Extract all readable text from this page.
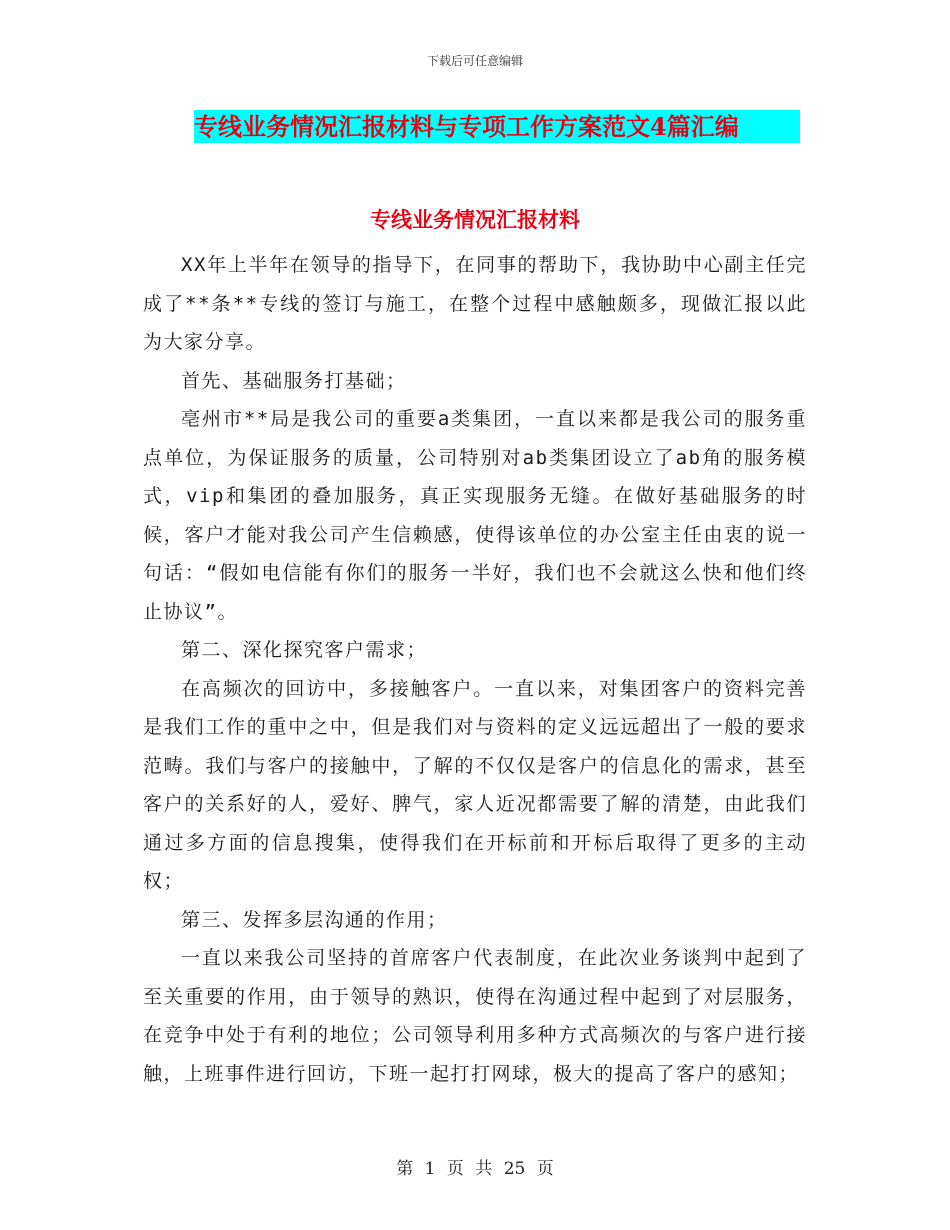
下载后可任意编辑
专线业务情况汇报材料与专项工作方案范文4篇汇编
专线业务情况汇报材料

XX年上半年在领导的指导下，在同事的帮助下，我协助中心副主任完成了**条**专线的签订与施工，在整个过程中感触颇多，现做汇报以此为大家分享。

首先、基础服务打基础；

亳州市**局是我公司的重要a类集团，一直以来都是我公司的服务重点单位，为保证服务的质量，公司特别对ab类集团设立了ab角的服务模式，vip和集团的叠加服务，真正实现服务无缝。在做好基础服务的时候，客户才能对我公司产生信赖感，使得该单位的办公室主任由衷的说一句话：“假如电信能有你们的服务一半好，我们也不会就这么快和他们终止协议”。

第二、深化探究客户需求；

在高频次的回访中，多接触客户。一直以来，对集团客户的资料完善是我们工作的重中之中，但是我们对与资料的定义远远超出了一般的要求范畴。我们与客户的接触中，了解的不仅仅是客户的信息化的需求，甚至客户的关系好的人，爱好、脾气，家人近况都需要了解的清楚，由此我们通过多方面的信息搜集，使得我们在开标前和开标后取得了更多的主动权；

第三、发挥多层沟通的作用；

一直以来我公司坚持的首席客户代表制度，在此次业务谈判中起到了至关重要的作用，由于领导的熟识，使得在沟通过程中起到了对层服务，在竞争中处于有利的地位；公司领导利用多种方式高频次的与客户进行接触，上班事件进行回访，下班一起打打网球，极大的提高了客户的感知；

第 1 页 共 25 页
